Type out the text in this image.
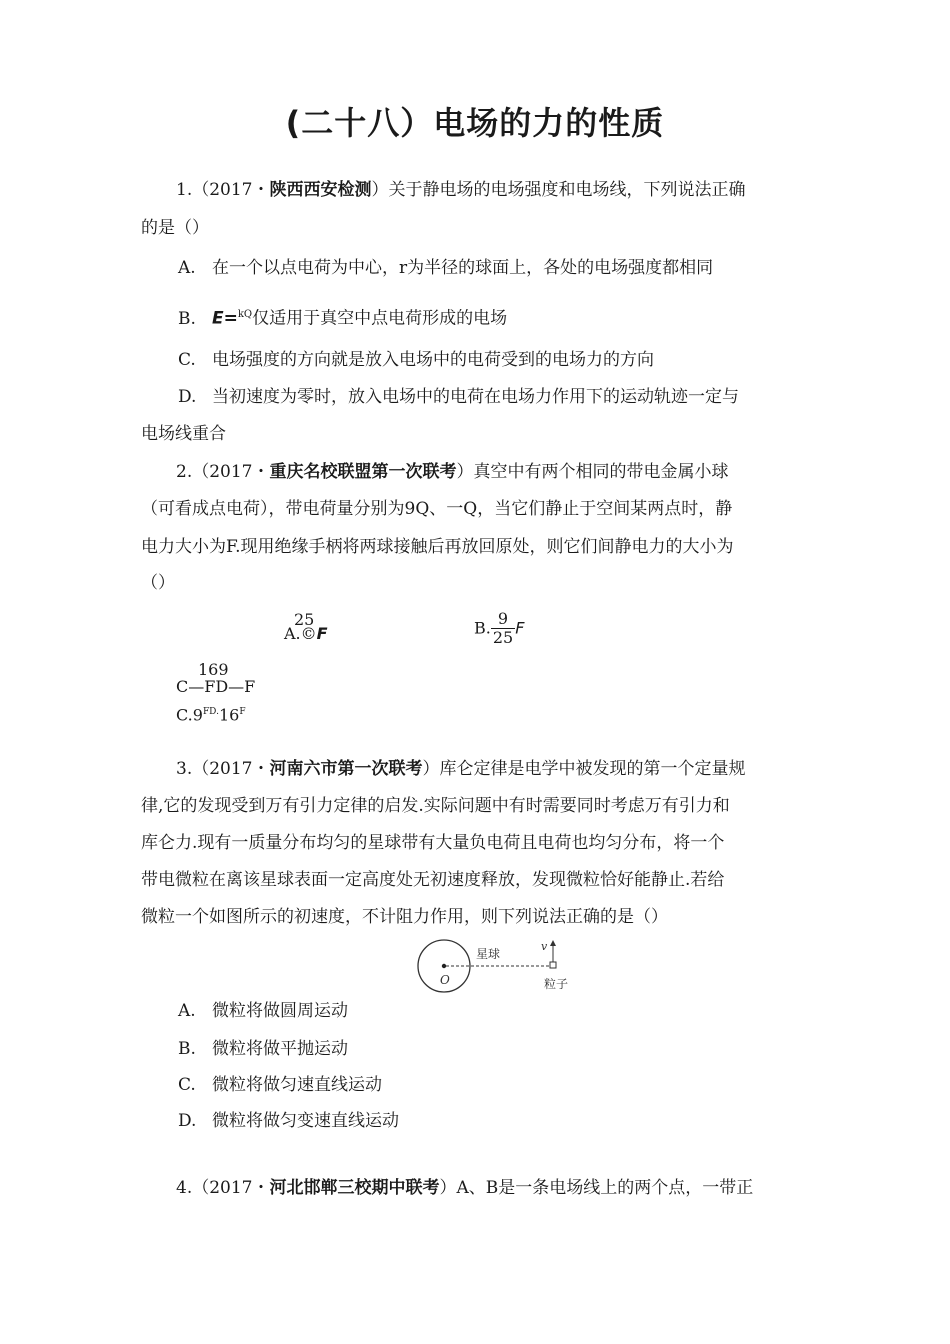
(二十八）电场的力的性质
1.（2017・陕西西安检测）关于静电场的电场强度和电场线，下列说法正确
的是（）
A. 在一个以点电荷为中心，r为半径的球面上，各处的电场强度都相同
B. E=$^{kQ}$仅适用于真空中点电荷形成的电场
C. 电场强度的方向就是放入电场中的电荷受到的电场力的方向
D. 当初速度为零时，放入电场中的电荷在电场力作用下的运动轨迹一定与
电场线重合
2.（2017・重庆名校联盟第一次联考）真空中有两个相同的带电金属小球
（可看成点电荷），带电荷量分别为9Q、一Q，当它们静止于空间某两点时，静
电力大小为F.现用绝缘手柄将两球接触后再放回原处，则它们间静电力的大小为
（）
25
A.©F	B. $\frac{9}{25}$ F
169
C—FD—F
$C.9^{FD.}16^F$
3.（2017・河南六市第一次联考）库仑定律是电学中被发现的第一个定量规
律,它的发现受到万有引力定律的启发.实际问题中有时需要同时考虑万有引力和
库仑力.现有一质量分布均匀的星球带有大量负电荷且电荷也均匀分布，将一个
带电微粒在离该星球表面一定高度处无初速度释放，发现微粒恰好能静止.若给
微粒一个如图所示的初速度，不计阻力作用，则下列说法正确的是（）
星球
O
v
粒子
A. 微粒将做圆周运动
B. 微粒将做平抛运动
C. 微粒将做匀速直线运动
D. 微粒将做匀变速直线运动
4.（2017・河北邯郸三校期中联考）A、B是一条电场线上的两个点，一带正
